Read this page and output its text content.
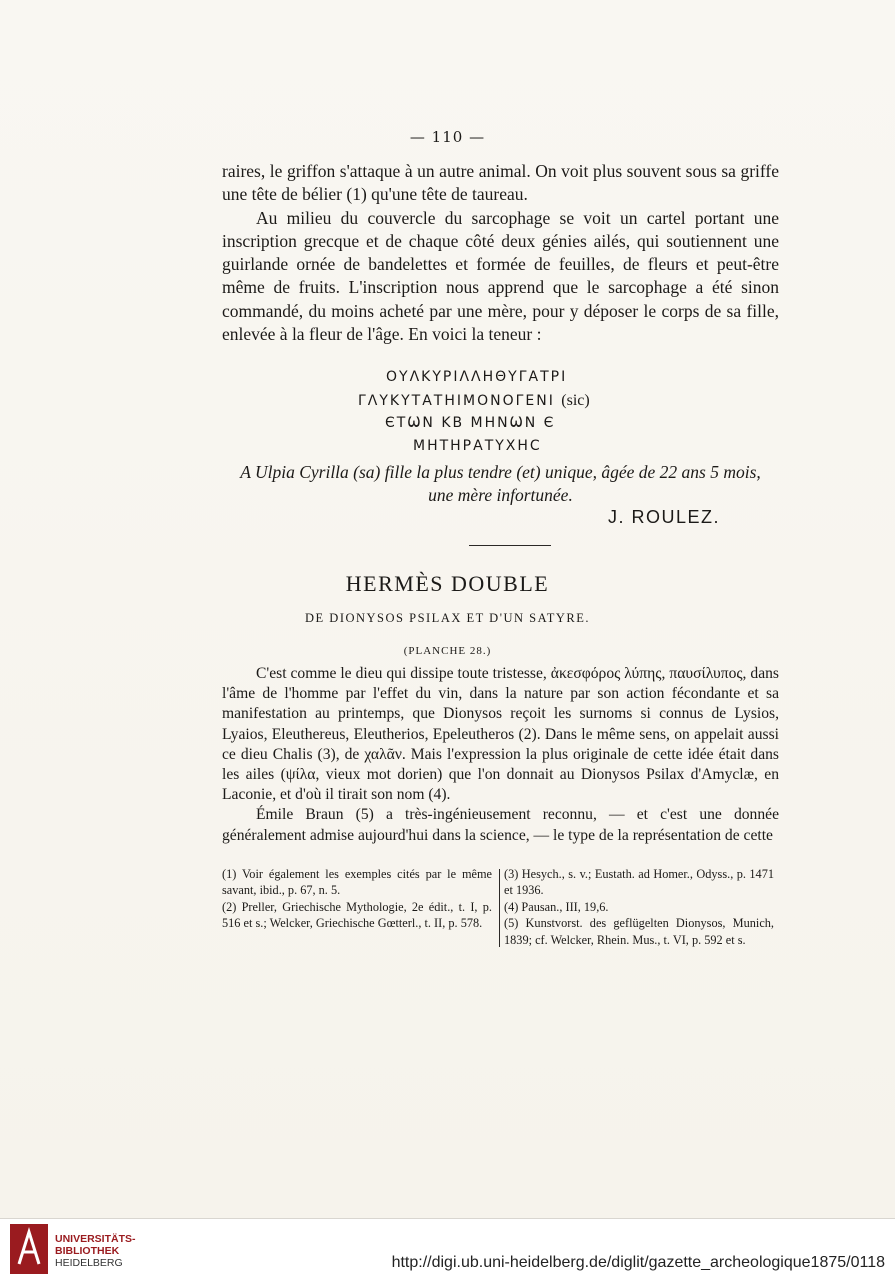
— 110 —

raires, le griffon s'attaque à un autre animal. On voit plus souvent sous sa griffe une tête de bélier (1) qu'une tête de taureau.

Au milieu du couvercle du sarcophage se voit un cartel portant une inscription grecque et de chaque côté deux génies ailés, qui soutiennent une guirlande ornée de bandelettes et formée de feuilles, de fleurs et peut-être même de fruits. L'inscription nous apprend que le sarcophage a été sinon commandé, du moins acheté par une mère, pour y déposer le corps de sa fille, enlevée à la fleur de l'âge. En voici la teneur :

ΟΥΛΚΥΡΙΛΛΗΘΥΓΑΤΡΙ
ΓΛΥΚΥΤΑΤΗΙΜΟΝΟΓΕΝΙ (sic)
ЄΤѠΝ ΚΒ ΜΗΝѠΝ Є
ΜΗΤΗΡΑΤΥΧΗϹ
A Ulpia Cyrilla (sa) fille la plus tendre (et) unique, âgée de 22 ans 5 mois,
une mère infortunée.
J. ROULEZ.
HERMÈS DOUBLE
DE DIONYSOS PSILAX ET D'UN SATYRE.
(PLANCHE 28.)

C'est comme le dieu qui dissipe toute tristesse, ἀκεσφόρος λύπης, παυσίλυπος, dans l'âme de l'homme par l'effet du vin, dans la nature par son action fécondante et sa manifestation au printemps, que Dionysos reçoit les surnoms si connus de Lysios, Lyaios, Eleuthereus, Eleutherios, Epeleutheros (2). Dans le même sens, on appelait aussi ce dieu Chalis (3), de χαλᾶν. Mais l'expression la plus originale de cette idée était dans les ailes (ψίλα, vieux mot dorien) que l'on donnait au Dionysos Psilax d'Amyclæ, en Laconie, et d'où il tirait son nom (4).

Émile Braun (5) a très-ingénieusement reconnu, — et c'est une donnée généralement admise aujourd'hui dans la science, — le type de la représentation de cette

(1) Voir également les exemples cités par le même savant, ibid., p. 67, n. 5.

(2) Preller, Griechische Mythologie, 2e édit., t. I, p. 516 et s.; Welcker, Griechische Gœtterl., t. II, p. 578.

(3) Hesych., s. v.; Eustath. ad Homer., Odyss., p. 1471 et 1936.

(4) Pausan., III, 19,6.

(5) Kunstvorst. des geflügelten Dionysos, Munich, 1839; cf. Welcker, Rhein. Mus., t. VI, p. 592 et s.

UNIVERSITÄTS-
BIBLIOTHEK
HEIDELBERG	http://digi.ub.uni-heidelberg.de/diglit/gazette_archeologique1875/0118
